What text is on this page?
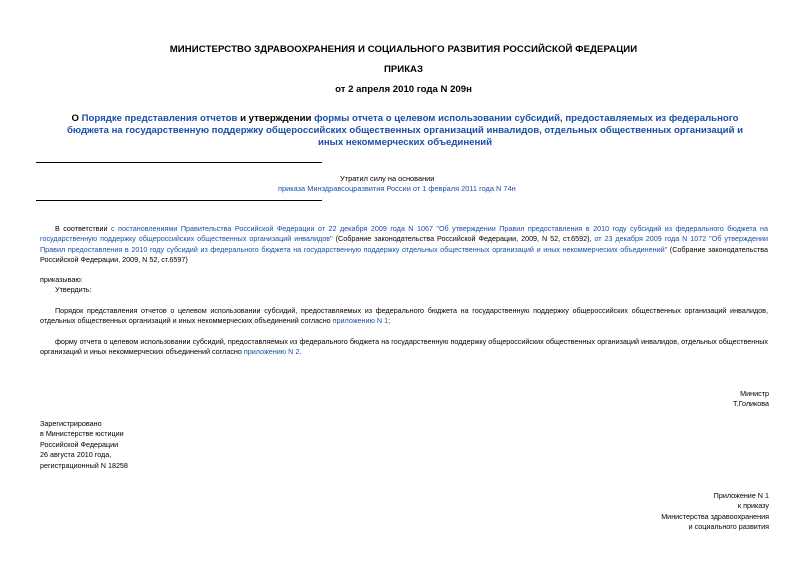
МИНИСТЕРСТВО ЗДРАВООХРАНЕНИЯ И СОЦИАЛЬНОГО РАЗВИТИЯ РОССИЙСКОЙ ФЕДЕРАЦИИ
ПРИКАЗ
от 2 апреля 2010 года N 209н
О Порядке представления отчетов и утверждении формы отчета о целевом использовании субсидий, предоставляемых из федерального бюджета на государственную поддержку общероссийских общественных организаций инвалидов, отдельных общественных организаций и иных некоммерческих объединений
Утратил силу на основании
приказа Минздравсоцразвития России от 1 февраля 2011 года N 74н
В соответствии с постановлениями Правительства Российской Федерации от 22 декабря 2009 года N 1067 "Об утверждении Правил предоставления в 2010 году субсидий из федерального бюджета на государственную поддержку общероссийских общественных организаций инвалидов" (Собрание законодательства Российской Федерации, 2009, N 52, ст.6592), от 23 декабря 2009 года N 1072 "Об утверждении Правил предоставления в 2010 году субсидий из федерального бюджета на государственную поддержку отдельных общественных организаций и иных некоммерческих объединений" (Собрание законодательства Российской Федерации, 2009, N 52, ст.6597)
приказываю:
Утвердить:
Порядок представления отчетов о целевом использовании субсидий, предоставляемых из федерального бюджета на государственную поддержку общероссийских общественных организаций инвалидов, отдельных общественных организаций и иных некоммерческих объединений согласно приложению N 1;
форму отчета о целевом использовании субсидий, предоставляемых из федерального бюджета на государственную поддержку общероссийских общественных организаций инвалидов, отдельных общественных организаций и иных некоммерческих объединений согласно приложению N 2.
Министр
Т.Голикова
Зарегистрировано
в Министерстве юстиции
Российской Федерации
26 августа 2010 года,
регистрационный N 18258
Приложение N 1
к приказу
Министерства здравоохранения
и социального развития
